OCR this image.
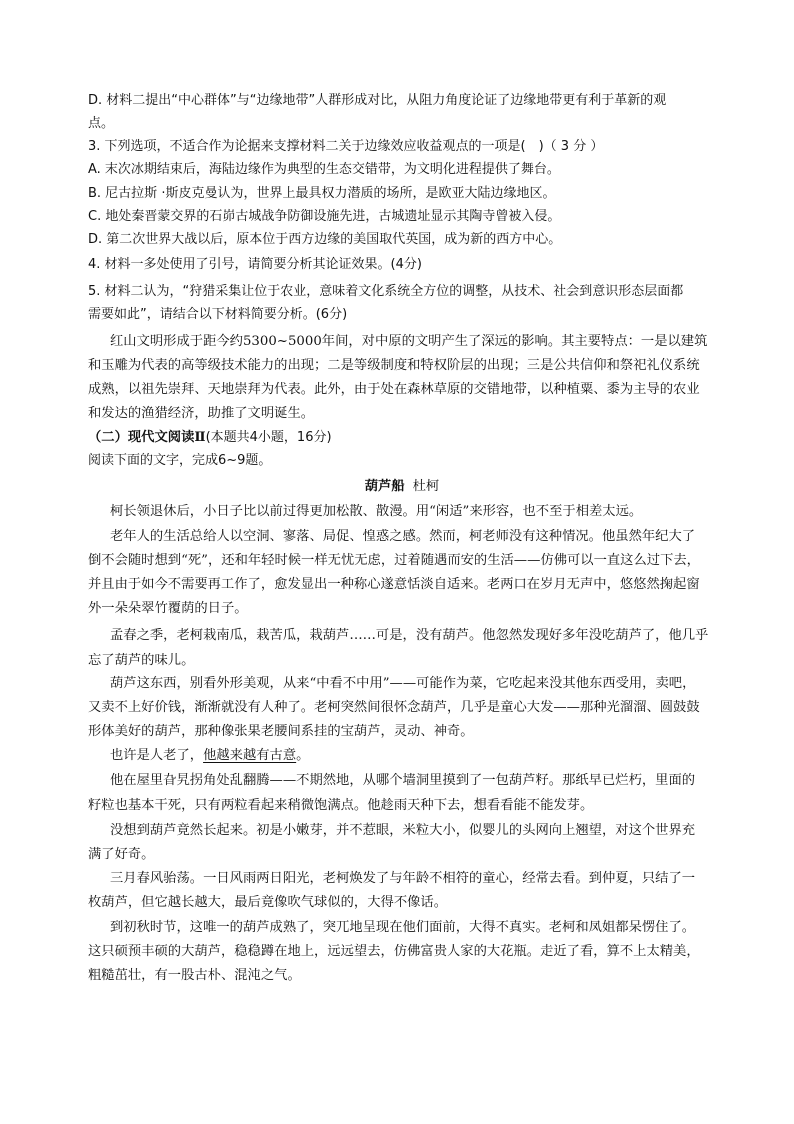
D. 材料二提出“中心群体”与“边缘地带”人群形成对比，从阻力角度论证了边缘地带更有利于革新的观
点。
3. 下列选项，不适合作为论据来支撑材料二关于边缘效应收益观点的一项是(　)（ 3 分 ）
A. 末次冰期结束后，海陆边缘作为典型的生态交错带，为文明化进程提供了舞台。
B. 尼古拉斯 ·斯皮克曼认为，世界上最具权力潜质的场所，是欧亚大陆边缘地区。
C. 地处秦晋蒙交界的石峁古城战争防御设施先进，古城遗址显示其陶寺曾被入侵。
D. 第二次世界大战以后，原本位于西方边缘的美国取代英国，成为新的西方中心。
4. 材料一多处使用了引号，请简要分析其论证效果。(4分)
5. 材料二认为，“狩猎采集让位于农业，意味着文化系统全方位的调整，从技术、社会到意识形态层面都
需要如此”，请结合以下材料简要分析。(6分)
红山文明形成于距今约5300~5000年间，对中原的文明产生了深远的影响。其主要特点：一是以建筑
和玉雕为代表的高等级技术能力的出现；二是等级制度和特权阶层的出现；三是公共信仰和祭祀礼仪系统
成熟，以祖先崇拜、天地崇拜为代表。此外，由于处在森林草原的交错地带，以种植粟、黍为主导的农业
和发达的渔猎经济，助推了文明诞生。
（二）现代文阅读Ⅱ(本题共4小题，16分)
阅读下面的文字，完成6~9题。
葫芦船 杜柯
柯长领退休后，小日子比以前过得更加松散、散漫。用“闲适”来形容，也不至于相差太远。
老年人的生活总给人以空洞、寥落、局促、惶惑之感。然而，柯老师没有这种情况。他虽然年纪大了
倒不会随时想到“死”，还和年轻时候一样无忧无虑，过着随遇而安的生活——仿佛可以一直这么过下去，
并且由于如今不需要再工作了，愈发显出一种称心遂意恬淡自适来。老两口在岁月无声中，悠悠然掬起窗
外一朵朵翠竹覆荫的日子。
孟春之季，老柯栽南瓜，栽苦瓜，栽葫芦……可是，没有葫芦。他忽然发现好多年没吃葫芦了，他几乎
忘了葫芦的味儿。
葫芦这东西，别看外形美观，从来“中看不中用”——可能作为菜，它吃起来没其他东西受用，卖吧，
又卖不上好价钱，渐渐就没有人种了。老柯突然间很怀念葫芦，几乎是童心大发——那种光溜溜、圆鼓鼓
形体美好的葫芦，那种像张果老腰间系挂的宝葫芦，灵动、神奇。
也许是人老了，他越来越有古意。
他在屋里旮旯拐角处乱翻腾——不期然地，从哪个墙洞里摸到了一包葫芦籽。那纸早已烂朽，里面的
籽粒也基本干死，只有两粒看起来稍微饱满点。他趁雨天种下去，想看看能不能发芽。
没想到葫芦竟然长起来。初是小嫩芽，并不惹眼，米粒大小，似婴儿的头网向上翘望，对这个世界充
满了好奇。
三月春风骀荡。一日风雨两日阳光，老柯焕发了与年龄不相符的童心，经常去看。到仲夏，只结了一
枚葫芦，但它越长越大，最后竟像吹气球似的，大得不像话。
到初秋时节，这唯一的葫芦成熟了，突兀地呈现在他们面前，大得不真实。老柯和凤姐都呆愣住了。
这只硕预丰硕的大葫芦，稳稳蹲在地上，远远望去，仿佛富贵人家的大花瓶。走近了看，算不上太精美，
粗糙茁壮，有一股古朴、混沌之气。
